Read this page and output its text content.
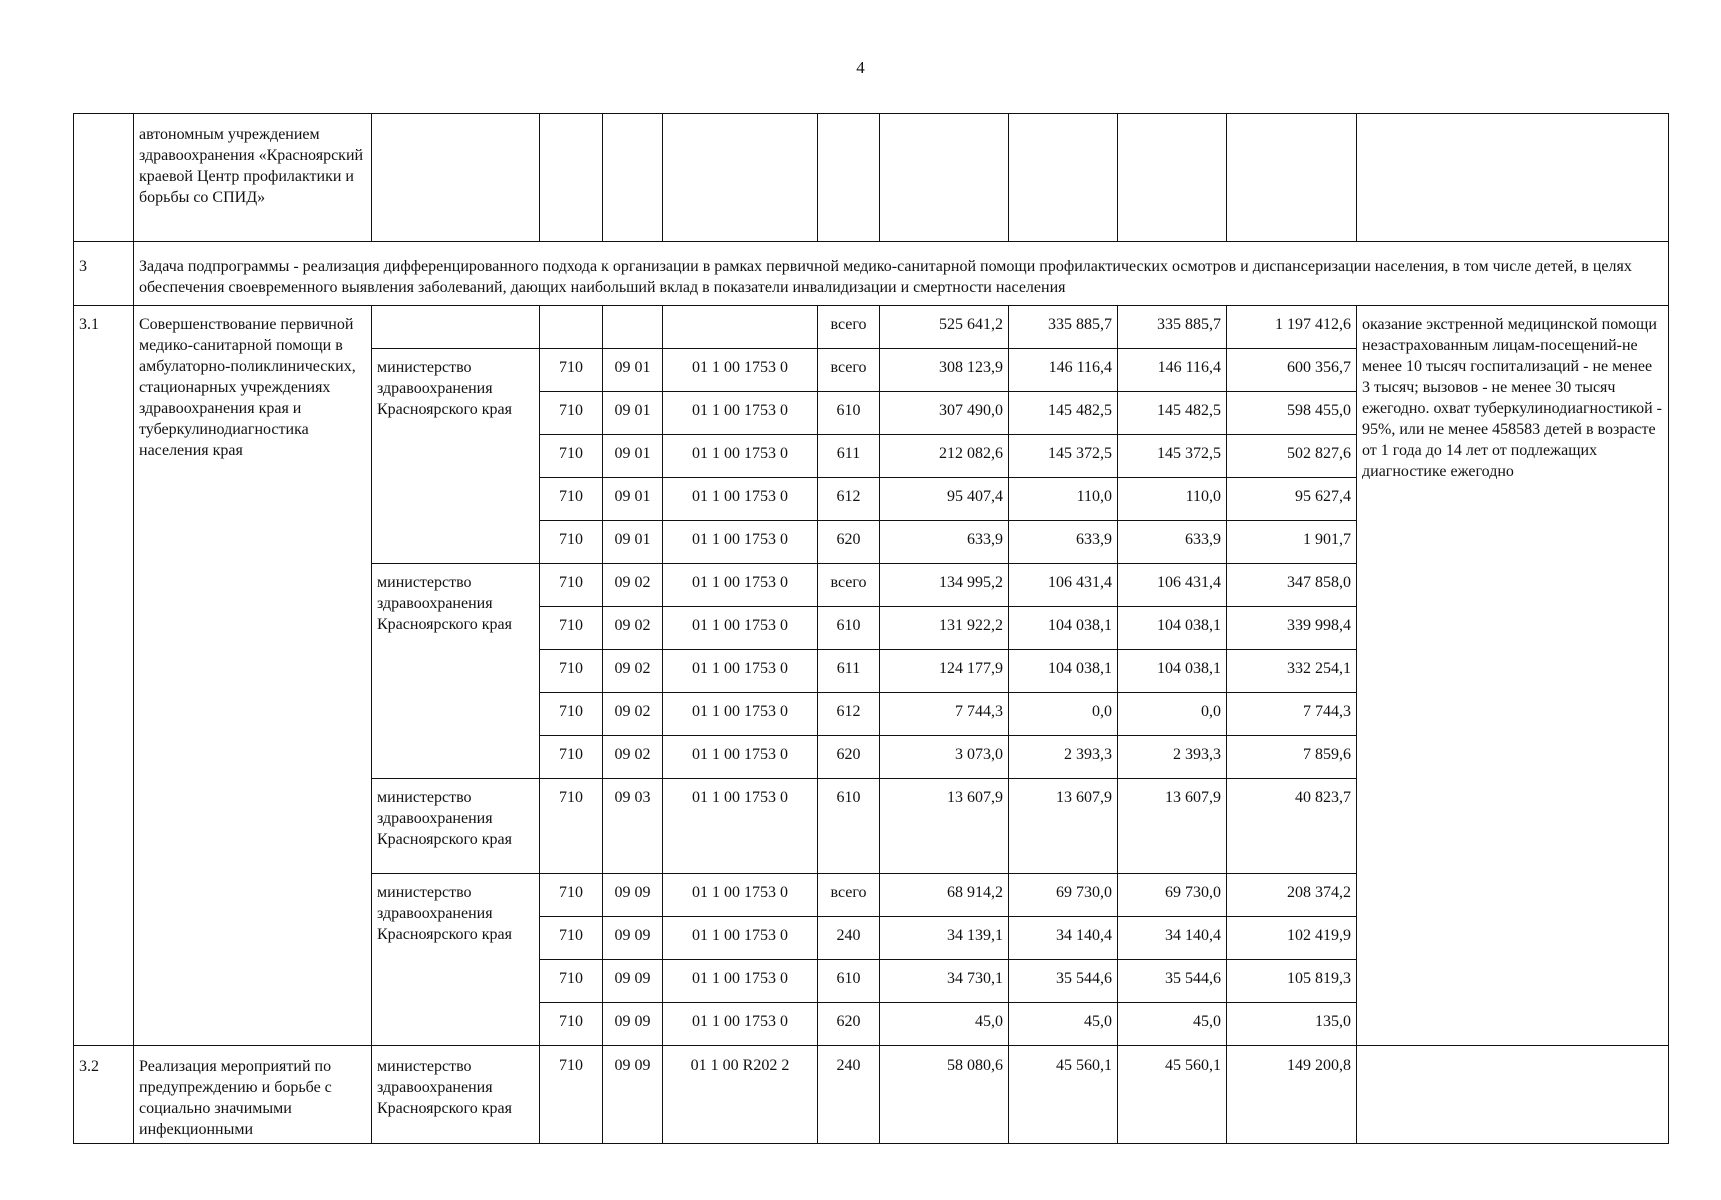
4
	автономным учреждением здравоохранения «Красноярский краевой Центр профилактики и борьбы со СПИД»										
3	Задача подпрограммы - реализация дифференцированного подхода к организации в рамках первичной медико-санитарной помощи профилактических осмотров и диспансеризации населения, в том числе детей, в целях обеспечения своевременного выявления заболеваний, дающих наибольший вклад в показатели инвалидизации и смертности населения										
3.1	Совершенствование первичной медико-санитарной помощи в амбулаторно-поликлинических, стационарных учреждениях здравоохранения края и туберкулинодиагностика населения края					всего	525 641,2	335 885,7	335 885,7	1 197 412,6	оказание экстренной медицинской помощи незастрахованным лицам-посещений-не менее 10 тысяч госпитализаций - не менее 3 тысяч; вызовов - не менее 30 тысяч ежегодно. охват туберкулинодиагностикой - 95%, или не менее 458583 детей в возрасте от 1 года до 14 лет от подлежащих диагностике ежегодно
		министерство здравоохранения Красноярского края	710	09 01	01 1 00 1753 0	всего	308 123,9	146 116,4	146 116,4	600 356,7	
			710	09 01	01 1 00 1753 0	610	307 490,0	145 482,5	145 482,5	598 455,0	
			710	09 01	01 1 00 1753 0	611	212 082,6	145 372,5	145 372,5	502 827,6	
			710	09 01	01 1 00 1753 0	612	95 407,4	110,0	110,0	95 627,4	
			710	09 01	01 1 00 1753 0	620	633,9	633,9	633,9	1 901,7	
		министерство здравоохранения Красноярского края	710	09 02	01 1 00 1753 0	всего	134 995,2	106 431,4	106 431,4	347 858,0	
			710	09 02	01 1 00 1753 0	610	131 922,2	104 038,1	104 038,1	339 998,4	
			710	09 02	01 1 00 1753 0	611	124 177,9	104 038,1	104 038,1	332 254,1	
			710	09 02	01 1 00 1753 0	612	7 744,3	0,0	0,0	7 744,3	
			710	09 02	01 1 00 1753 0	620	3 073,0	2 393,3	2 393,3	7 859,6	
		министерство здравоохранения Красноярского края	710	09 03	01 1 00 1753 0	610	13 607,9	13 607,9	13 607,9	40 823,7	
		министерство здравоохранения Красноярского края	710	09 09	01 1 00 1753 0	всего	68 914,2	69 730,0	69 730,0	208 374,2	
			710	09 09	01 1 00 1753 0	240	34 139,1	34 140,4	34 140,4	102 419,9	
			710	09 09	01 1 00 1753 0	610	34 730,1	35 544,6	35 544,6	105 819,3	
			710	09 09	01 1 00 1753 0	620	45,0	45,0	45,0	135,0	
3.2	Реализация мероприятий по предупреждению и борьбе с социально значимыми инфекционными	министерство здравоохранения Красноярского края	710	09 09	01 1 00 R202 2	240	58 080,6	45 560,1	45 560,1	149 200,8	
